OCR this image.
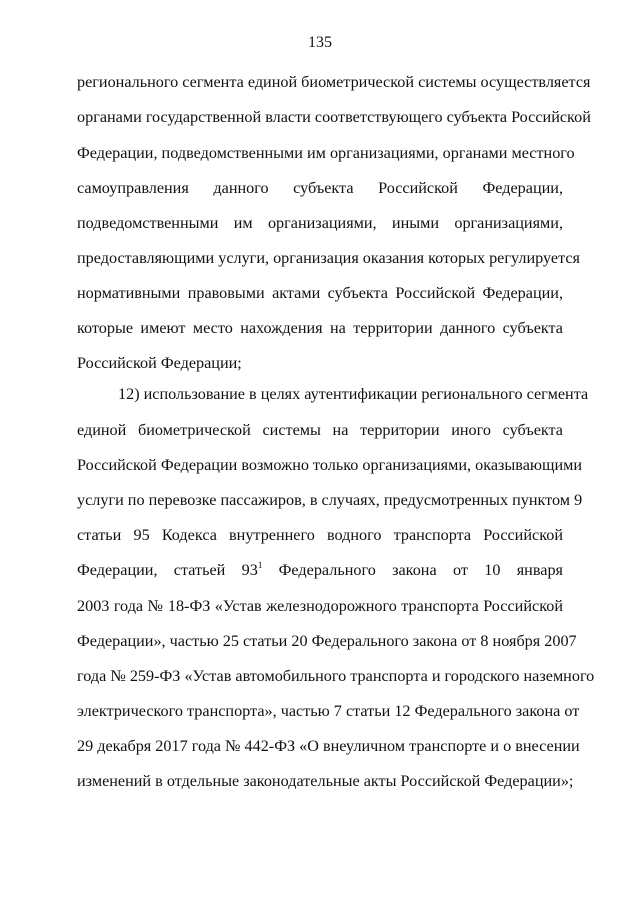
135
регионального сегмента единой биометрической системы осуществляется
органами государственной власти соответствующего субъекта Российской
Федерации, подведомственными им организациями, органами местного
самоуправления данного субъекта Российской Федерации,
подведомственными им организациями, иными организациями,
предоставляющими услуги, организация оказания которых регулируется
нормативными правовыми актами субъекта Российской Федерации,
которые имеют место нахождения на территории данного субъекта
Российской Федерации;
12) использование в целях аутентификации регионального сегмента
единой биометрической системы на территории иного субъекта
Российской Федерации возможно только организациями, оказывающими
услуги по перевозке пассажиров, в случаях, предусмотренных пунктом 9
статьи 95 Кодекса внутреннего водного транспорта Российской
Федерации, статьей $93^1$ Федерального закона от 10 января
2003 года № 18-ФЗ «Устав железнодорожного транспорта Российской
Федерации», частью 25 статьи 20 Федерального закона от 8 ноября 2007
года № 259-ФЗ «Устав автомобильного транспорта и городского наземного
электрического транспорта», частью 7 статьи 12 Федерального закона от
29 декабря 2017 года № 442-ФЗ «О внеуличном транспорте и о внесении
изменений в отдельные законодательные акты Российской Федерации»;
